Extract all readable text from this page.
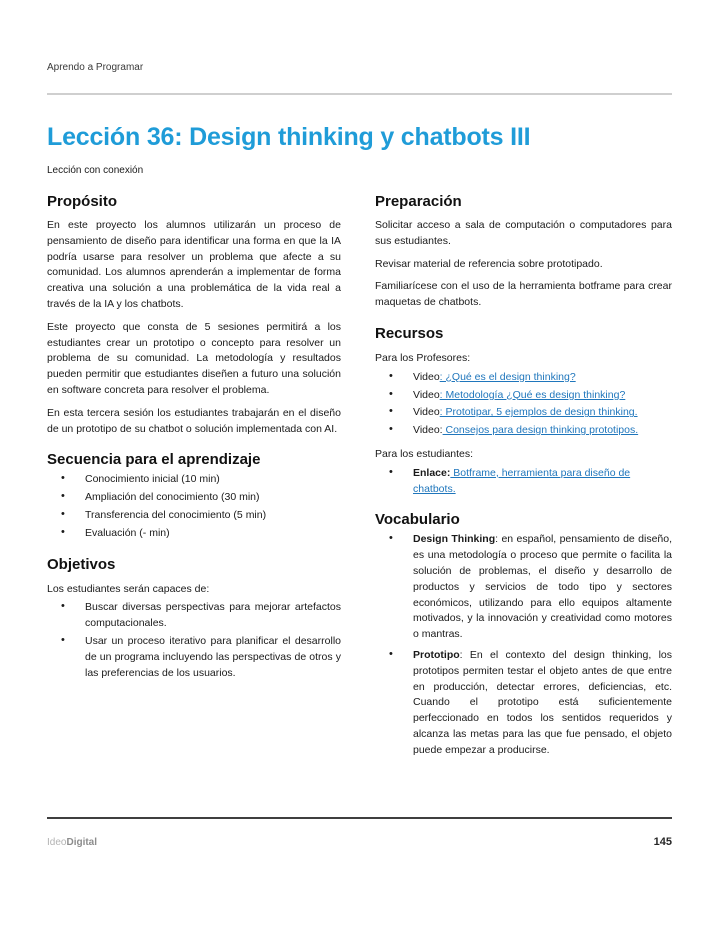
Aprendo a Programar
Lección 36: Design thinking y chatbots III
Lección con conexión
Propósito

En este proyecto los alumnos utilizarán un proceso de pensamiento de diseño para identificar una forma en que la IA podría usarse para resolver un problema que afecte a su comunidad. Los alumnos aprenderán a implementar de forma creativa una solución a una problemática de la vida real a través de la IA y los chatbots.

Este proyecto que consta de 5 sesiones permitirá a los estudiantes crear un prototipo o concepto para resolver un problema de su comunidad. La metodología y resultados pueden permitir que estudiantes diseñen a futuro una solución en software concreta para resolver el problema.

En esta tercera sesión los estudiantes trabajarán en el diseño de un prototipo de su chatbot o solución implementada con AI.

Secuencia para el aprendizaje
• Conocimiento inicial (10 min)
• Ampliación del conocimiento (30 min)
• Transferencia del conocimiento (5 min)
• Evaluación (- min)
Objetivos

Los estudiantes serán capaces de:

• Buscar diversas perspectivas para mejorar artefactos computacionales.
• Usar un proceso iterativo para planificar el desarrollo de un programa incluyendo las perspectivas de otros y las preferencias de los usuarios.
Preparación

Solicitar acceso a sala de computación o computadores para sus estudiantes.

Revisar material de referencia sobre prototipado.

Familiarícese con el uso de la herramienta botframe para crear maquetas de chatbots.

Recursos

Para los Profesores:

• Video: ¿Qué es el design thinking?
• Video: Metodología ¿Qué es design thinking?
• Video: Prototipar, 5 ejemplos de design thinking.
• Video: Consejos para design thinking prototipos.

Para los estudiantes:

• Enlace: Botframe, herramienta para diseño de chatbots.
Vocabulario
• Design Thinking: en español, pensamiento de diseño, es una metodología o proceso que permite o facilita la solución de problemas, el diseño y desarrollo de productos y servicios de todo tipo y sectores económicos, utilizando para ello equipos altamente motivados, y la innovación y creatividad como motores o mantras.
• Prototipo: En el contexto del design thinking, los prototipos permiten testar el objeto antes de que entre en producción, detectar errores, deficiencias, etc. Cuando el prototipo está suficientemente perfeccionado en todos los sentidos requeridos y alcanza las metas para las que fue pensado, el objeto puede empezar a producirse.
IdeoDigital	145
